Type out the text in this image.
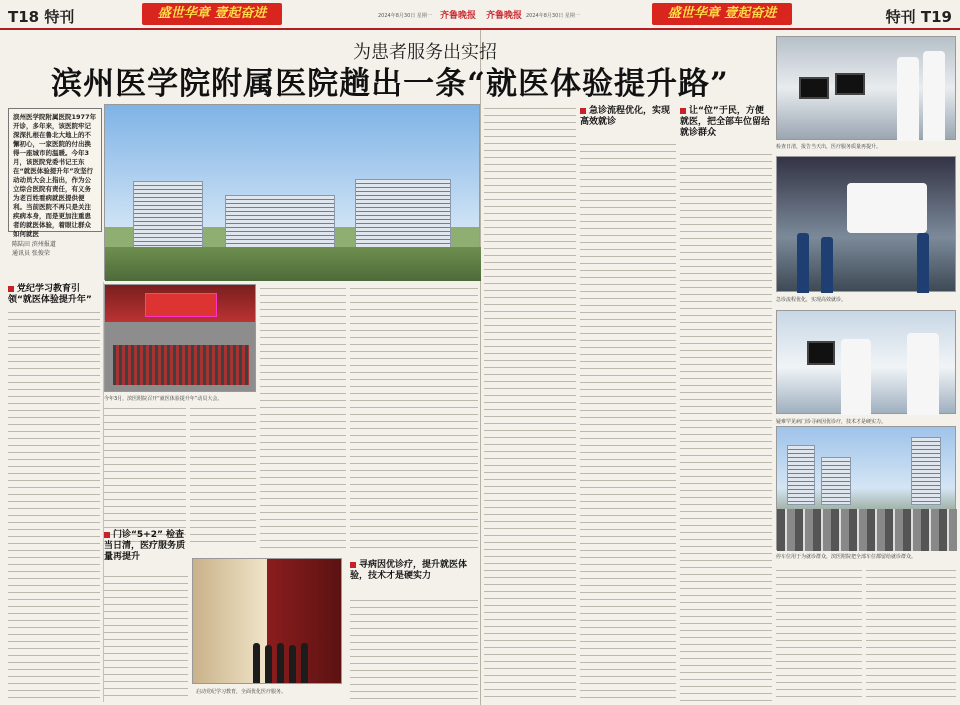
T18 特刊	盛世华章 壹起奋进	2024年8月30日 星期一 齐鲁晚报 齐鲁晚报 2024年8月30日 星期一	盛世华章 壹起奋进	特刊 T19
为患者服务出实招
滨州医学院附属医院趟出一条“就医体验提升路”
滨州医学院附属医院1977年开诊，多年来，该医院牢记深深扎根在鲁北大地上的不懈初心，一家医院的付出换得一座城市的温暖。今年3月，该医院党委书记王东在“就医体验提升年”攻坚行动动员大会上指出，作为公立综合医院有责任，有义务为老百姓看病就医提供便利。当前医院不再只是关注疾病本身，而是更加注重患者的就医体验，着眼让群众如何就医
陈陆田 滨州报道
通讯员 张俊荣
党纪学习教育引领“就医体验提升年”
今年3月，滨医附院召开“就医体验提升年”动员大会。
门诊“5+2” 检查当日清，医疗服务质量再提升
启动党纪学习教育，全面优化医疗服务。
寻病因优诊疗，提升就医体验，技术才是硬实力
急诊流程优化，实现高效就诊
让“位”于民，方便就医，把全部车位留给就诊群众
检查日清，报告当天出，医疗服务质量再提升。
急诊流程优化，实现高效就诊。
疑难罕见病门诊寻病因优诊疗，技术才是硬实力。
停车位用于为就诊群众，滨医附院把全部车位都留给就诊群众。
